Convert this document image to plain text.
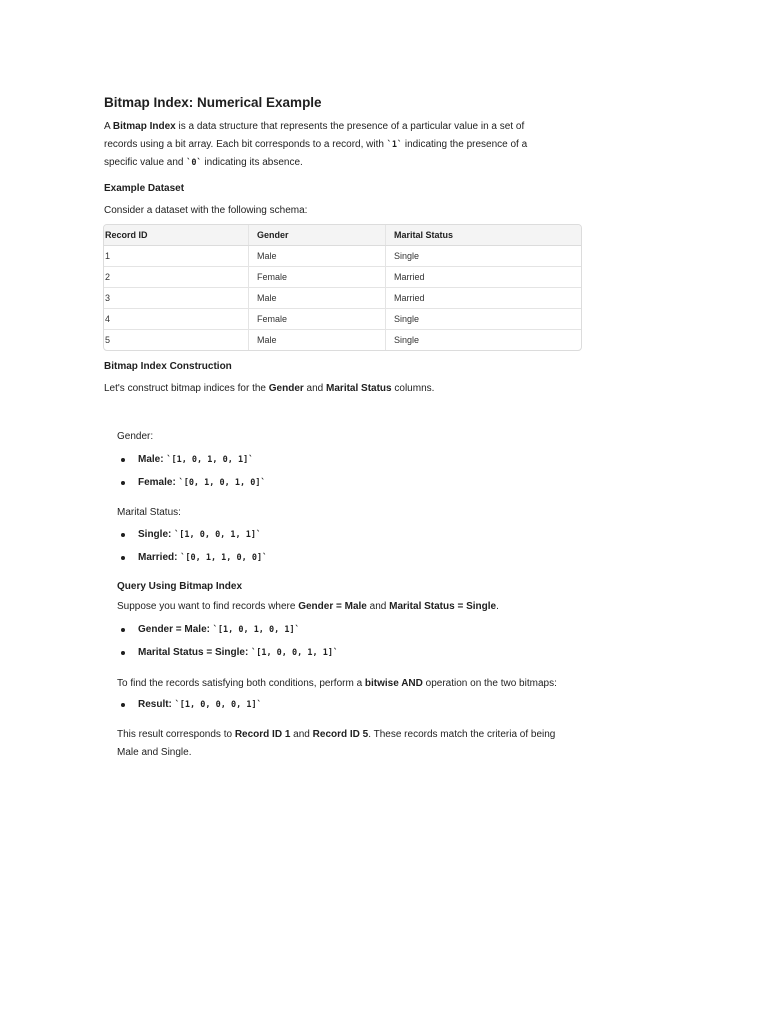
Bitmap Index: Numerical Example

A Bitmap Index is a data structure that represents the presence of a particular value in a set of
records using a bit array. Each bit corresponds to a record, with `1` indicating the presence of a
specific value and `0` indicating its absence.

Example Dataset
Consider a dataset with the following schema:
Record ID	Gender	Marital Status
1	Male	Single
2	Female	Married
3	Male	Married
4	Female	Single
5	Male	Single
Bitmap Index Construction

Let's construct bitmap indices for the Gender and Marital Status columns.

Gender:
Male: `[1, 0, 1, 0, 1]`
Female: `[0, 1, 0, 1, 0]`
Marital Status:
Single: `[1, 0, 0, 1, 1]`
Married: `[0, 1, 1, 0, 0]`
Query Using Bitmap Index

Suppose you want to find records where Gender = Male and Marital Status = Single.

Gender = Male: `[1, 0, 1, 0, 1]`
Marital Status = Single: `[1, 0, 0, 1, 1]`

To find the records satisfying both conditions, perform a bitwise AND operation on the two bitmaps:

Result: `[1, 0, 0, 0, 1]`

This result corresponds to Record ID 1 and Record ID 5. These records match the criteria of being
Male and Single.
